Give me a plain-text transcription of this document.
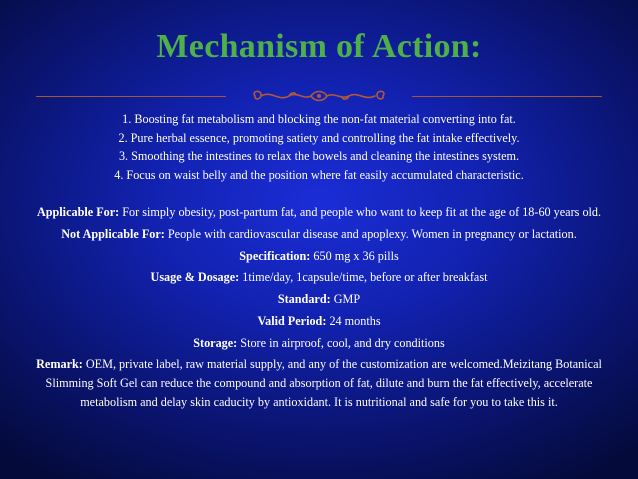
Mechanism of Action:
1. Boosting fat metabolism and blocking the non-fat material converting into fat.
2. Pure herbal essence, promoting satiety and controlling the fat intake effectively.
3. Smoothing the intestines to relax the bowels and cleaning the intestines system.
4. Focus on waist belly and the position where fat easily accumulated characteristic.
Applicable For: For simply obesity, post-partum fat, and people who want to keep fit at the age of 18-60 years old.
Not Applicable For: People with cardiovascular disease and apoplexy. Women in pregnancy or lactation.
Specification: 650 mg x 36 pills
Usage & Dosage: 1time/day, 1capsule/time, before or after breakfast
Standard: GMP
Valid Period: 24 months
Storage: Store in airproof, cool, and dry conditions
Remark: OEM, private label, raw material supply, and any of the customization are welcomed.Meizitang Botanical Slimming Soft Gel can reduce the compound and absorption of fat, dilute and burn the fat effectively, accelerate metabolism and delay skin caducity by antioxidant. It is nutritional and safe for you to take this it.
